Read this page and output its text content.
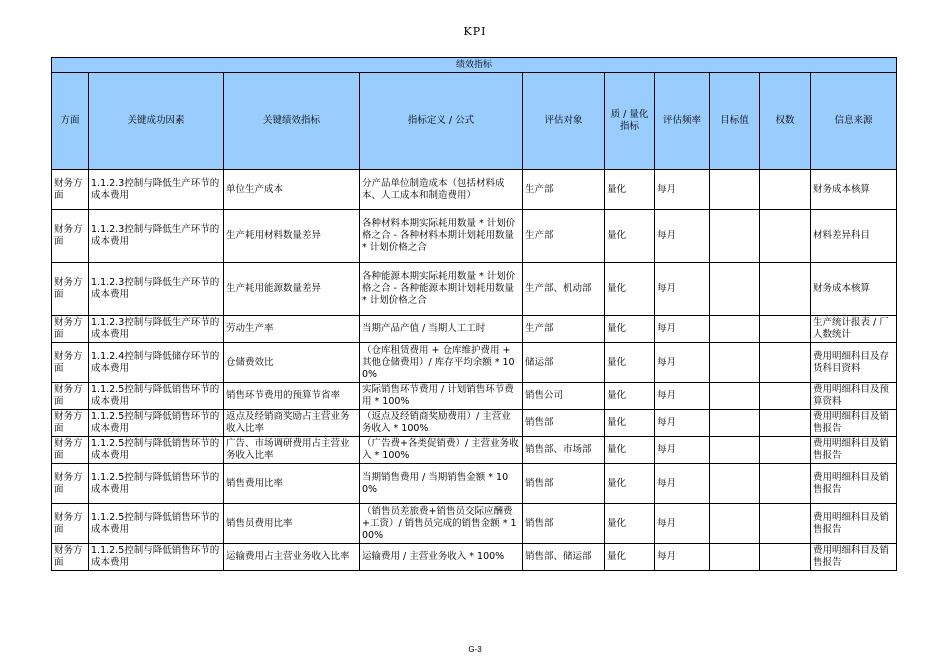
KPI
绩效指标									
方面	关键成功因素	关键绩效指标	指标定义 / 公式	评估对象	质 / 量化指标	评估频率	目标值	权数	信息来源
财务方面	1.1.2.3控制与降低生产环节的成本费用	单位生产成本	分产品单位制造成本（包括材料成本、人工成本和制造费用）	生产部	量化	每月			财务成本核算
财务方面	1.1.2.3控制与降低生产环节的成本费用	生产耗用材料数量差异	各种材料本期实际耗用数量 * 计划价格之合 - 各种材料本期计划耗用数量 * 计划价格之合	生产部	量化	每月			材料差异科目
财务方面	1.1.2.3控制与降低生产环节的成本费用	生产耗用能源数量差异	各种能源本期实际耗用数量 * 计划价格之合 - 各种能源本期计划耗用数量 * 计划价格之合	生产部、机动部	量化	每月			财务成本核算
财务方面	1.1.2.3控制与降低生产环节的成本费用	劳动生产率	当期产品产值 / 当期人工工时	生产部	量化	每月			生产统计报表 / 厂人数统计
财务方面	1.1.2.4控制与降低储存环节的成本费用	仓储费效比	（仓库租赁费用 + 仓库维护费用 + 其他仓储费用）/ 库存平均余额 * 100%	储运部	量化	每月			费用明细科目及存货科目资料
财务方面	1.1.2.5控制与降低销售环节的成本费用	销售环节费用的预算节省率	实际销售环节费用 / 计划销售环节费用 * 100%	销售公司	量化	每月			费用明细科目及预算资料
财务方面	1.1.2.5控制与降低销售环节的成本费用	返点及经销商奖励占主营业务收入比率	（返点及经销商奖励费用）/ 主营业务收入 * 100%	销售部	量化	每月			费用明细科目及销售报告
财务方面	1.1.2.5控制与降低销售环节的成本费用	广告、市场调研费用占主营业务收入比率	（广告费+各类促销费）/ 主营业务收入 * 100%	销售部、市场部	量化	每月			费用明细科目及销售报告
财务方面	1.1.2.5控制与降低销售环节的成本费用	销售费用比率	当期销售费用 / 当期销售金额 * 100%	销售部	量化	每月			费用明细科目及销售报告
财务方面	1.1.2.5控制与降低销售环节的成本费用	销售员费用比率	（销售员差旅费+销售员交际应酬费+工资）/ 销售员完成的销售金额 * 100%	销售部	量化	每月			费用明细科目及销售报告
财务方面	1.1.2.5控制与降低销售环节的成本费用	运输费用占主营业务收入比率	运输费用 / 主营业务收入 * 100%	销售部、储运部	量化	每月			费用明细科目及销售报告
G-3
